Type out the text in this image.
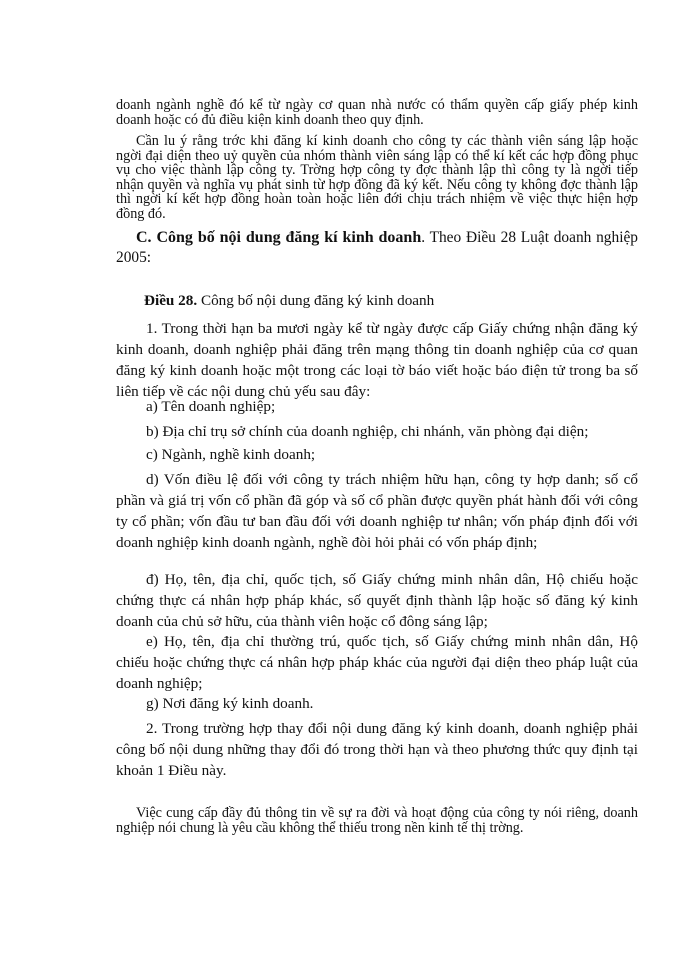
doanh ngành nghề đó kể từ ngày cơ quan nhà nước có thẩm quyền cấp giấy phép kinh doanh hoặc có đủ điều kiện kinh doanh theo quy định.

Cần lu ý rằng trớc khi đăng kí kinh doanh cho công ty các thành viên sáng lập hoặc ngời đại diện theo uỷ quyền của nhóm thành viên sáng lập có thể kí kết các hợp đồng phục vụ cho việc thành lập công ty. Trờng hợp công ty đợc thành lập thì công ty là ngời tiếp nhận quyền và nghĩa vụ phát sinh từ hợp đồng đã ký kết. Nếu công ty không đợc thành lập thì ngời kí kết hợp đồng hoàn toàn hoặc liên đới chịu trách nhiệm về việc thực hiện hợp đồng đó.

C. Công bố nội dung đăng kí kinh doanh. Theo Điều 28 Luật doanh nghiệp 2005:

Điều 28. Công bố nội dung đăng ký kinh doanh

1. Trong thời hạn ba mươi ngày kể từ ngày được cấp Giấy chứng nhận đăng ký kinh doanh, doanh nghiệp phải đăng trên mạng thông tin doanh nghiệp của cơ quan đăng ký kinh doanh hoặc một trong các loại tờ báo viết hoặc báo điện tử trong ba số liên tiếp về các nội dung chủ yếu sau đây:

a) Tên doanh nghiệp;

b) Địa chỉ trụ sở chính của doanh nghiệp, chi nhánh, văn phòng đại diện;

c) Ngành, nghề kinh doanh;

d) Vốn điều lệ đối với công ty trách nhiệm hữu hạn, công ty hợp danh; số cổ phần và giá trị vốn cổ phần đã góp và số cổ phần được quyền phát hành đối với công ty cổ phần; vốn đầu tư ban đầu đối với doanh nghiệp tư nhân; vốn pháp định đối với doanh nghiệp kinh doanh ngành, nghề đòi hỏi phải có vốn pháp định;

đ) Họ, tên, địa chỉ, quốc tịch, số Giấy chứng minh nhân dân, Hộ chiếu hoặc chứng thực cá nhân hợp pháp khác, số quyết định thành lập hoặc số đăng ký kinh doanh của chủ sở hữu, của thành viên hoặc cổ đông sáng lập;

e) Họ, tên, địa chỉ thường trú, quốc tịch, số Giấy chứng minh nhân dân, Hộ chiếu hoặc chứng thực cá nhân hợp pháp khác của người đại diện theo pháp luật của doanh nghiệp;

g) Nơi đăng ký kinh doanh.

2. Trong trường hợp thay đổi nội dung đăng ký kinh doanh, doanh nghiệp phải công bố nội dung những thay đổi đó trong thời hạn và theo phương thức quy định tại khoản 1 Điều này.

Việc cung cấp đầy đủ thông tin về sự ra đời và hoạt động của công ty nói riêng, doanh nghiệp nói chung là yêu cầu không thể thiếu trong nền kinh tế thị trờng.
